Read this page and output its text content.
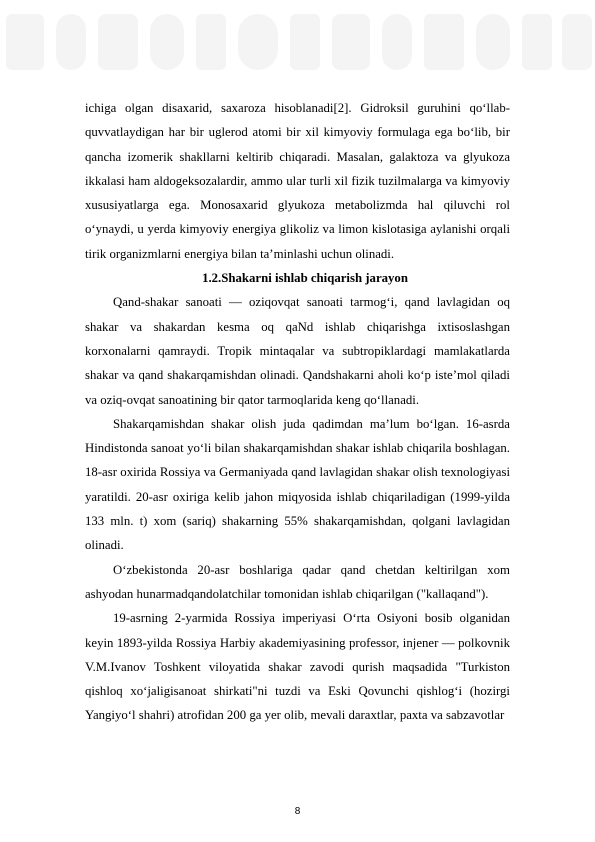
ichiga olgan disaxarid, saxaroza hisoblanadi[2]. Gidroksil guruhini qo‘llab-quvvatlaydigan har bir uglerod atomi bir xil kimyoviy formulaga ega bo‘lib, bir qancha izomerik shakllarni keltirib chiqaradi. Masalan, galaktoza va glyukoza ikkalasi ham aldogeksozalardir, ammo ular turli xil fizik tuzilmalarga va kimyoviy xususiyatlarga ega. Monosaxarid glyukoza metabolizmda hal qiluvchi rol o‘ynaydi, u yerda kimyoviy energiya glikoliz va limon kislotasiga aylanishi orqali tirik organizmlarni energiya bilan ta’minlashi uchun olinadi.

1.2.Shakarni ishlab chiqarish jarayon

Qand-shakar sanoati — oziqovqat sanoati tarmog‘i, qand lavlagidan oq shakar va shakardan kesma oq qaNd ishlab chiqarishga ixtisoslashgan korxonalarni qamraydi. Tropik mintaqalar va subtropiklardagi mamlakatlarda shakar va qand shakarqamishdan olinadi. Qandshakarni aholi ko‘p iste’mol qiladi va oziq-ovqat sanoatining bir qator tarmoqlarida keng qo‘llanadi.

Shakarqamishdan shakar olish juda qadimdan ma’lum bo‘lgan. 16-asrda Hindistonda sanoat yo‘li bilan shakarqamishdan shakar ishlab chiqarila boshlagan. 18-asr oxirida Rossiya va Germaniyada qand lavlagidan shakar olish texnologiyasi yaratildi. 20-asr oxiriga kelib jahon miqyosida ishlab chiqariladigan (1999-yilda 133 mln. t) xom (sariq) shakarning 55% shakarqamishdan, qolgani lavlagidan olinadi.

O‘zbekistonda 20-asr boshlariga qadar qand chetdan keltirilgan xom ashyodan hunarmadqandolatchilar tomonidan ishlab chiqarilgan ("kallaqand").

19-asrning 2-yarmida Rossiya imperiyasi O‘rta Osiyoni bosib olganidan keyin 1893-yilda Rossiya Harbiy akademiyasining professor, injener — polkovnik V.M.Ivanov Toshkent viloyatida shakar zavodi qurish maqsadida "Turkiston qishloq xo‘jaligisanoat shirkati"ni tuzdi va Eski Qovunchi qishlog‘i (hozirgi Yangiyo‘l shahri) atrofidan 200 ga yer olib, mevali daraxtlar, paxta va sabzavotlar

8
